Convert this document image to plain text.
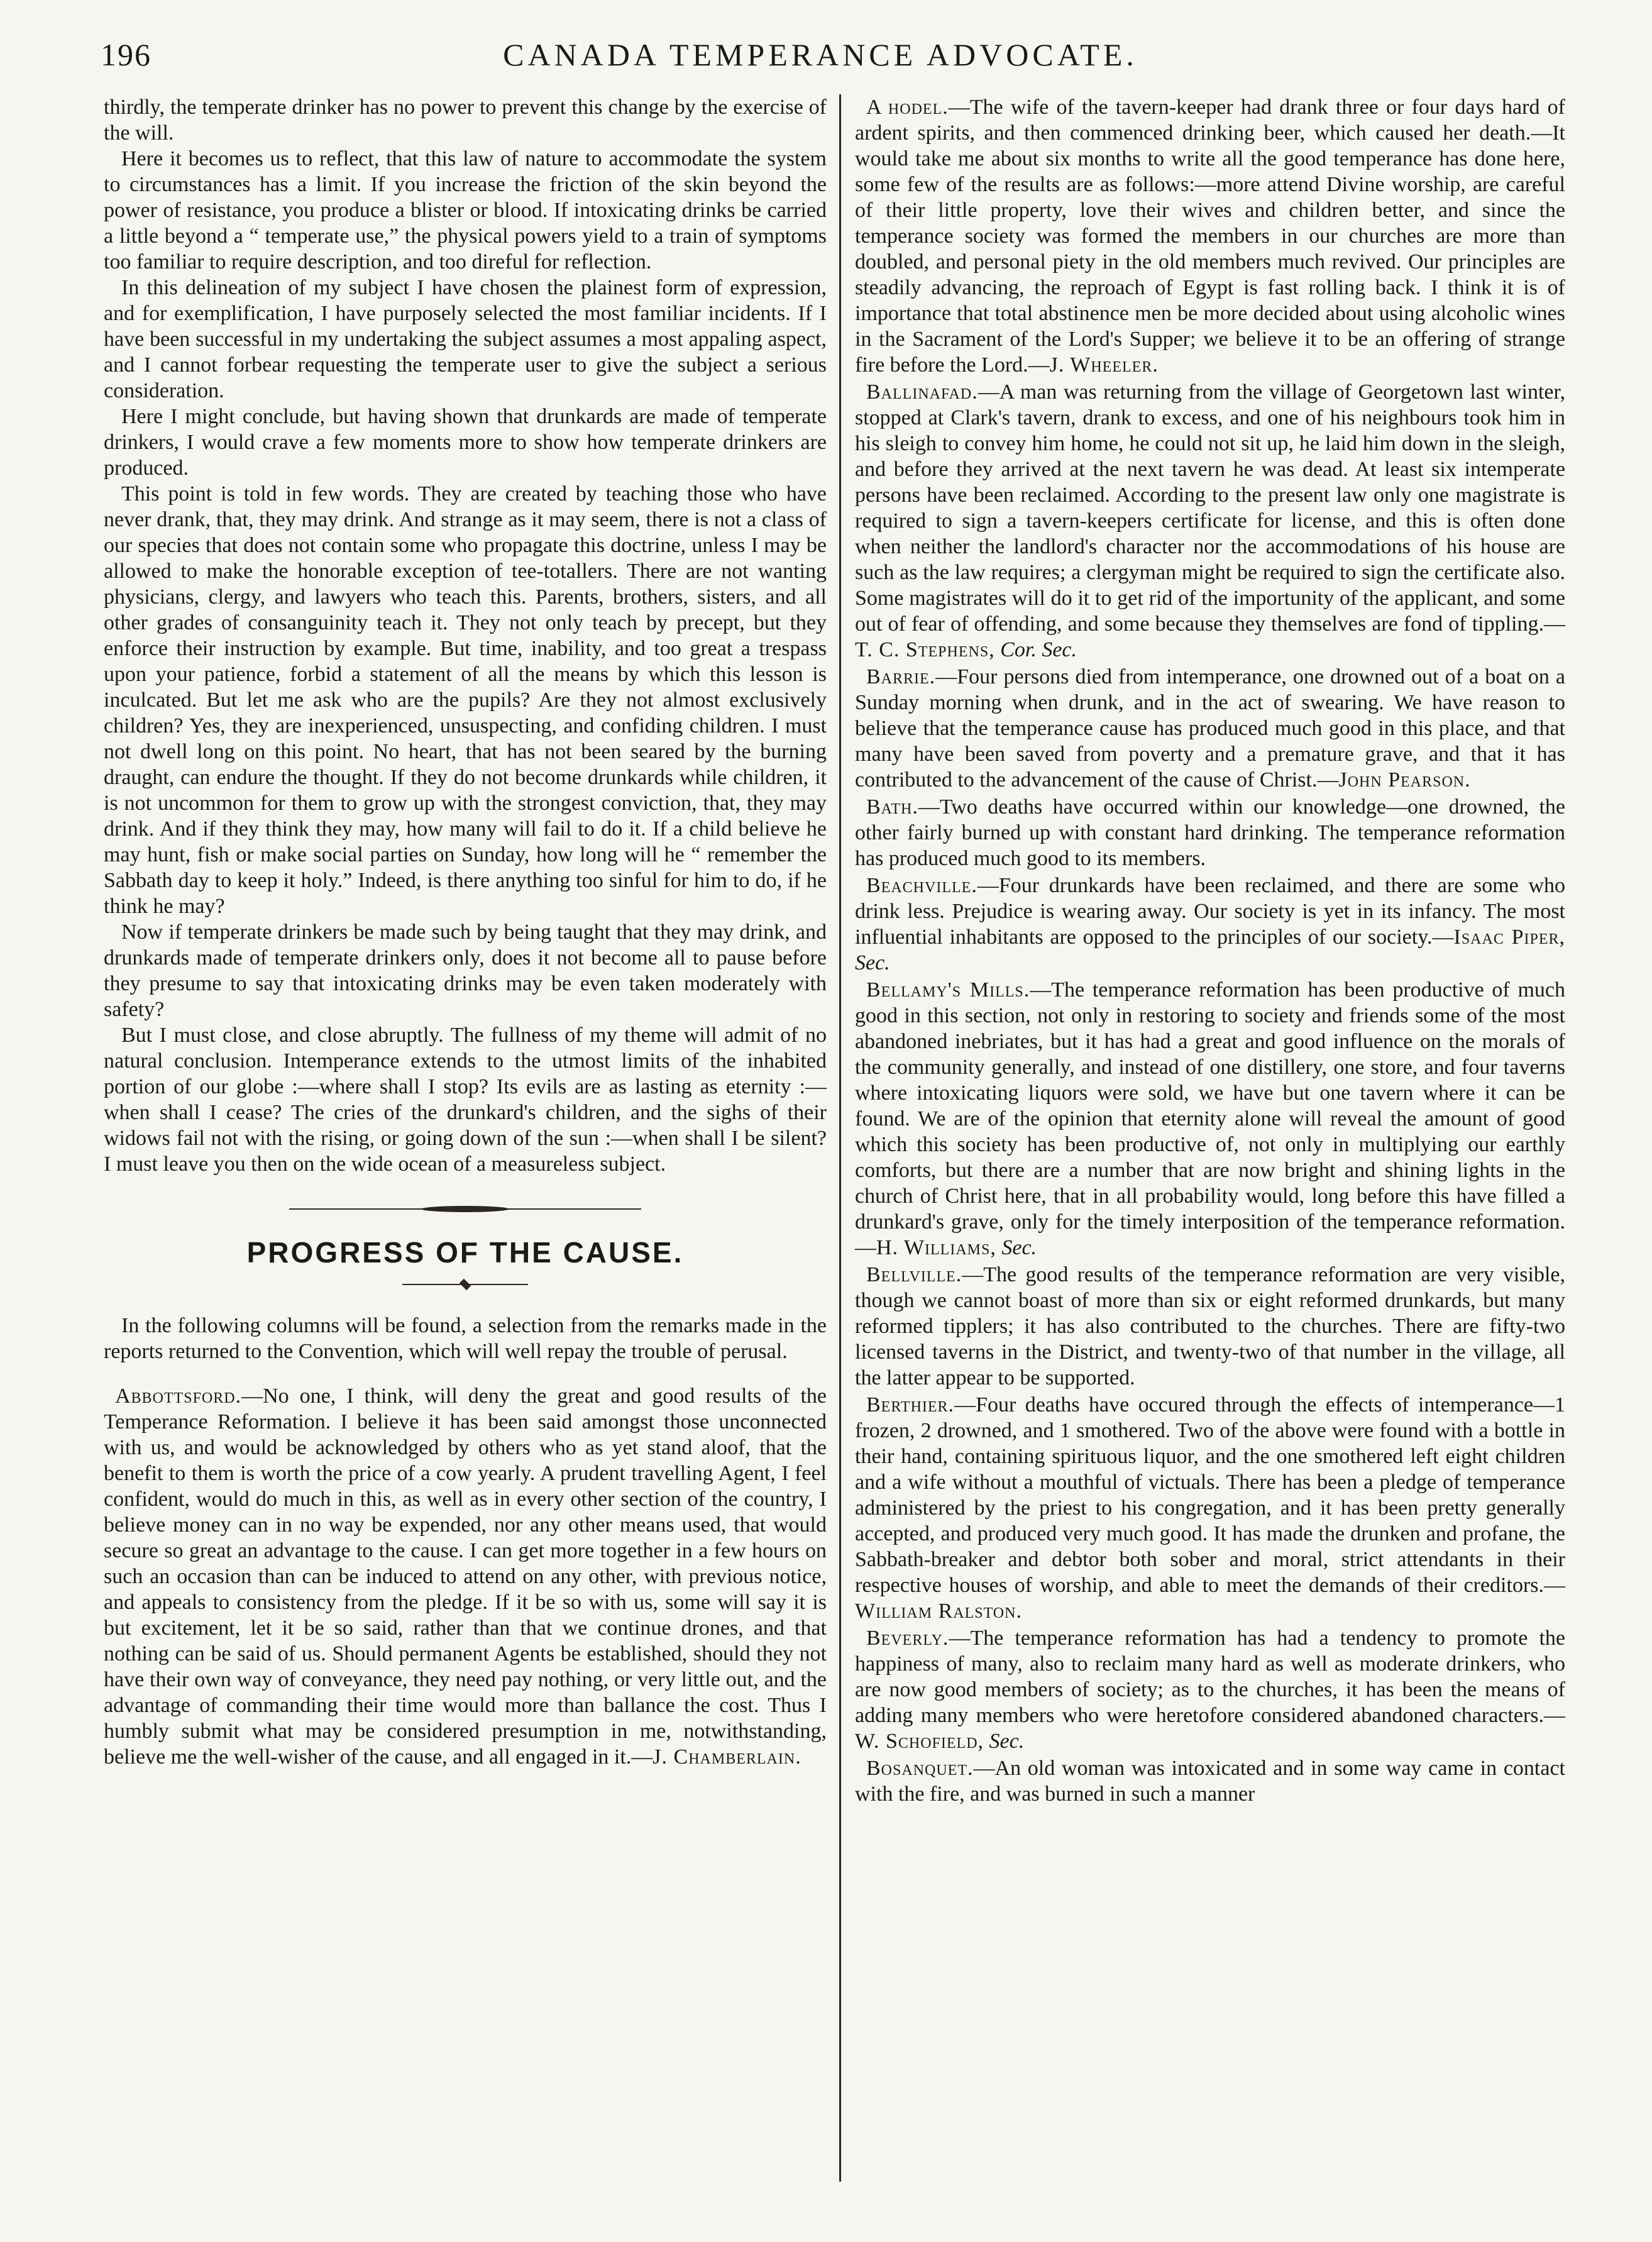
196	CANADA TEMPERANCE ADVOCATE.

thirdly, the temperate drinker has no power to prevent this change by the exercise of the will.

Here it becomes us to reflect, that this law of nature to accommodate the system to circumstances has a limit. If you increase the friction of the skin beyond the power of resistance, you produce a blister or blood. If intoxicating drinks be carried a little beyond a “ temperate use,” the physical powers yield to a train of symptoms too familiar to require description, and too direful for reflection.

In this delineation of my subject I have chosen the plainest form of expression, and for exemplification, I have purposely selected the most familiar incidents. If I have been successful in my undertaking the subject assumes a most appaling aspect, and I cannot forbear requesting the temperate user to give the subject a serious consideration.

Here I might conclude, but having shown that drunkards are made of temperate drinkers, I would crave a few moments more to show how temperate drinkers are produced.

This point is told in few words. They are created by teaching those who have never drank, that, they may drink. And strange as it may seem, there is not a class of our species that does not contain some who propagate this doctrine, unless I may be allowed to make the honorable exception of tee-totallers. There are not wanting physicians, clergy, and lawyers who teach this. Parents, brothers, sisters, and all other grades of consanguinity teach it. They not only teach by precept, but they enforce their instruction by example. But time, inability, and too great a trespass upon your patience, forbid a statement of all the means by which this lesson is inculcated. But let me ask who are the pupils? Are they not almost exclusively children? Yes, they are inexperienced, unsuspecting, and confiding children. I must not dwell long on this point. No heart, that has not been seared by the burning draught, can endure the thought. If they do not become drunkards while children, it is not uncommon for them to grow up with the strongest conviction, that, they may drink. And if they think they may, how many will fail to do it. If a child believe he may hunt, fish or make social parties on Sunday, how long will he “ remember the Sabbath day to keep it holy.” Indeed, is there anything too sinful for him to do, if he think he may?

Now if temperate drinkers be made such by being taught that they may drink, and drunkards made of temperate drinkers only, does it not become all to pause before they presume to say that intoxicating drinks may be even taken moderately with safety?

But I must close, and close abruptly. The fullness of my theme will admit of no natural conclusion. Intemperance extends to the utmost limits of the inhabited portion of our globe :—where shall I stop? Its evils are as lasting as eternity :—when shall I cease? The cries of the drunkard's children, and the sighs of their widows fail not with the rising, or going down of the sun :—when shall I be silent? I must leave you then on the wide ocean of a measureless subject.

PROGRESS OF THE CAUSE.

In the following columns will be found, a selection from the remarks made in the reports returned to the Convention, which will well repay the trouble of perusal.

Abbottsford.—No one, I think, will deny the great and good results of the Temperance Reformation. I believe it has been said amongst those unconnected with us, and would be acknowledged by others who as yet stand aloof, that the benefit to them is worth the price of a cow yearly. A prudent travelling Agent, I feel confident, would do much in this, as well as in every other section of the country, I believe money can in no way be expended, nor any other means used, that would secure so great an advantage to the cause. I can get more together in a few hours on such an occasion than can be induced to attend on any other, with previous notice, and appeals to consistency from the pledge. If it be so with us, some will say it is but excitement, let it be so said, rather than that we continue drones, and that nothing can be said of us. Should permanent Agents be established, should they not have their own way of conveyance, they need pay nothing, or very little out, and the advantage of commanding their time would more than ballance the cost. Thus I humbly submit what may be considered presumption in me, notwithstanding, believe me the well-wisher of the cause, and all engaged in it.—J. Chamberlain.

A hodel.—The wife of the tavern-keeper had drank three or four days hard of ardent spirits, and then commenced drinking beer, which caused her death.—It would take me about six months to write all the good temperance has done here, some few of the results are as follows:—more attend Divine worship, are careful of their little property, love their wives and children better, and since the temperance society was formed the members in our churches are more than doubled, and personal piety in the old members much revived. Our principles are steadily advancing, the reproach of Egypt is fast rolling back. I think it is of importance that total abstinence men be more decided about using alcoholic wines in the Sacrament of the Lord's Supper; we believe it to be an offering of strange fire before the Lord.—J. Wheeler.

Ballinafad.—A man was returning from the village of Georgetown last winter, stopped at Clark's tavern, drank to excess, and one of his neighbours took him in his sleigh to convey him home, he could not sit up, he laid him down in the sleigh, and before they arrived at the next tavern he was dead. At least six intemperate persons have been reclaimed. According to the present law only one magistrate is required to sign a tavern-keepers certificate for license, and this is often done when neither the landlord's character nor the accommodations of his house are such as the law requires; a clergyman might be required to sign the certificate also. Some magistrates will do it to get rid of the importunity of the applicant, and some out of fear of offending, and some because they themselves are fond of tippling.—T. C. Stephens, Cor. Sec.

Barrie.—Four persons died from intemperance, one drowned out of a boat on a Sunday morning when drunk, and in the act of swearing. We have reason to believe that the temperance cause has produced much good in this place, and that many have been saved from poverty and a premature grave, and that it has contributed to the advancement of the cause of Christ.—John Pearson.

Bath.—Two deaths have occurred within our knowledge—one drowned, the other fairly burned up with constant hard drinking. The temperance reformation has produced much good to its members.

Beachville.—Four drunkards have been reclaimed, and there are some who drink less. Prejudice is wearing away. Our society is yet in its infancy. The most influential inhabitants are opposed to the principles of our society.—Isaac Piper, Sec.

Bellamy's Mills.—The temperance reformation has been productive of much good in this section, not only in restoring to society and friends some of the most abandoned inebriates, but it has had a great and good influence on the morals of the community generally, and instead of one distillery, one store, and four taverns where intoxicating liquors were sold, we have but one tavern where it can be found. We are of the opinion that eternity alone will reveal the amount of good which this society has been productive of, not only in multiplying our earthly comforts, but there are a number that are now bright and shining lights in the church of Christ here, that in all probability would, long before this have filled a drunkard's grave, only for the timely interposition of the temperance reformation.—H. Williams, Sec.

Bellville.—The good results of the temperance reformation are very visible, though we cannot boast of more than six or eight reformed drunkards, but many reformed tipplers; it has also contributed to the churches. There are fifty-two licensed taverns in the District, and twenty-two of that number in the village, all the latter appear to be supported.

Berthier.—Four deaths have occured through the effects of intemperance—1 frozen, 2 drowned, and 1 smothered. Two of the above were found with a bottle in their hand, containing spirituous liquor, and the one smothered left eight children and a wife without a mouthful of victuals. There has been a pledge of temperance administered by the priest to his congregation, and it has been pretty generally accepted, and produced very much good. It has made the drunken and profane, the Sabbath-breaker and debtor both sober and moral, strict attendants in their respective houses of worship, and able to meet the demands of their creditors.—William Ralston.

Beverly.—The temperance reformation has had a tendency to promote the happiness of many, also to reclaim many hard as well as moderate drinkers, who are now good members of society; as to the churches, it has been the means of adding many members who were heretofore considered abandoned characters.—W. Schofield, Sec.

Bosanquet.—An old woman was intoxicated and in some way came in contact with the fire, and was burned in such a manner
